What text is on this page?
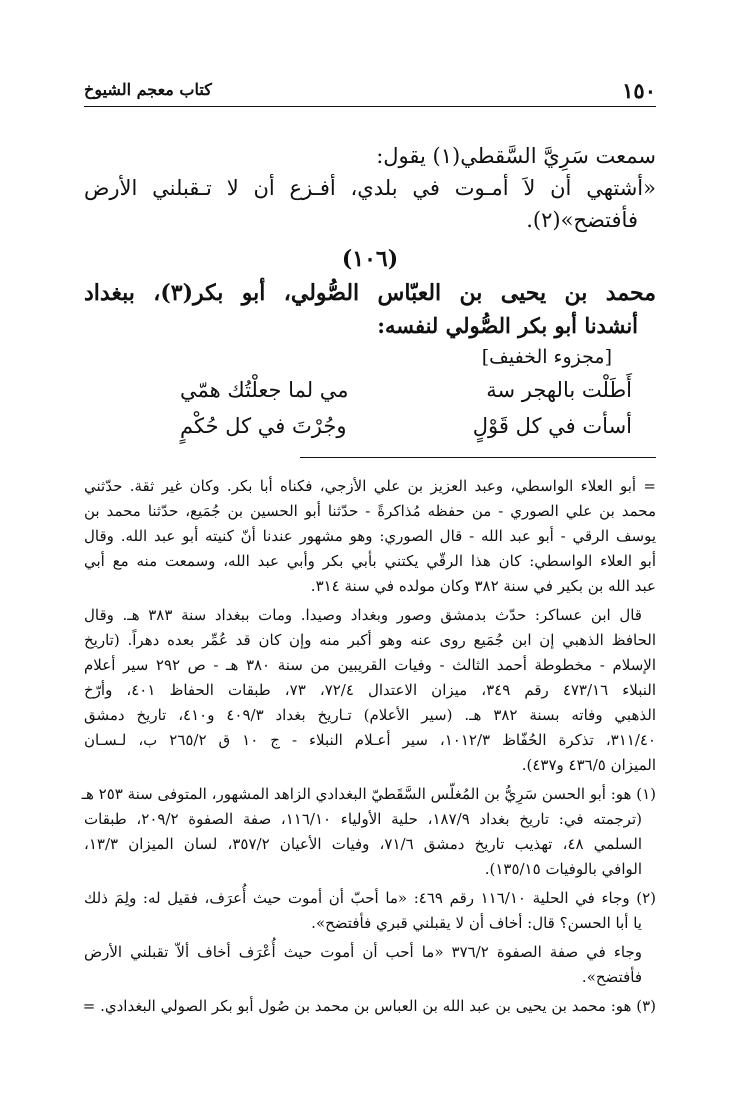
١٥٠
كتاب معجم الشيوخ
سمعت سَرِيَّ السَّقطي(١) يقول:
«أشتهي أن لاَ أمـوت في بلدي، أفـزع أن لا تـقبلني الأرض
فأفتضح»(٢).
(١٠٦)
محمد بن يحيى بن العبّاس الصُّولي، أبو بكر(٣)، ببغداد
أنشدنا أبو بكر الصُّولي لنفسه:
[مجزوء الخفيف]
أَطَلْت بالهجر سة
مي لما جعلْتُك همّي
أسأت في كل قَوْلٍ
وجُرْتَ في كل حُكْمٍ
= أبو العلاء الواسطي، وعبد العزيز بن علي الأزجي، فكناه أبا بكر. وكان غير ثقة. حدّثني
محمد بن علي الصوري - من حفظه مُذاكرةً - حدّثنا أبو الحسين بن جُمَيع، حدّثنا محمد بن
يوسف الرقي - أبو عبد الله - قال الصوري: وهو مشهور عندنا أنّ كنيته أبو عبد الله. وقال
أبو العلاء الواسطي: كان هذا الرقّي يكتني بأبي بكر وأبي عبد الله، وسمعت منه مع أبي
عبد الله بن بكير في سنة ٣٨٢ وكان مولده في سنة ٣١٤.
قال ابن عساكر: حدّث بدمشق وصور وبغداد وصيدا. ومات ببغداد سنة ٣٨٣ هـ. وقال
الحافظ الذهبي إن ابن جُمَيع روى عنه وهو أكبر منه وإن كان قد عُمِّر بعده دهراً. (تاريخ
الإسلام - مخطوطة أحمد الثالث - وفيات القريبين من سنة ٣٨٠ هـ - ص ٢٩٢ سير أعلام
النبلاء ٤٧٣/١٦ رقم ٣٤٩، ميزان الاعتدال ٧٢/٤، ٧٣، طبقات الحفاظ ٤٠١، وأرّخ
الذهبي وفاته بسنة ٣٨٢ هـ. (سير الأعلام) تـاريخ بغداد ٤٠٩/٣ و٤١٠، تاريخ دمشق
٣١١/٤٠، تذكرة الحُفّاظ ١٠١٢/٣، سير أعـلام النبلاء - ج ١٠ ق ٢٦٥/٢ ب، لـسـان
الميزان ٤٣٦/٥ و٤٣٧).
(١) هو: أبو الحسن سَرِيُّ بن المُغلّس السَّقَطيّ البغدادي الزاهد المشهور، المتوفى سنة ٢٥٣ هـ
(ترجمته في: تاريخ بغداد ١٨٧/٩، حلية الأولياء ١١٦/١٠، صفة الصفوة ٢٠٩/٢، طبقات
السلمي ٤٨، تهذيب تاريخ دمشق ٧١/٦، وفيات الأعيان ٣٥٧/٢، لسان الميزان ١٣/٣،
الوافي بالوفيات ١٣٥/١٥).
(٢) وجاء في الحلية ١١٦/١٠ رقم ٤٦٩: «ما أحبّ أن أموت حيث أُعرَف، فقيل له: ولِمَ ذلك
يا أبا الحسن؟ قال: أخاف أن لا يقبلني قبري فأفتضح».
وجاء في صفة الصفوة ٣٧٦/٢ «ما أحب أن أموت حيث أُعْرَف أخاف ألاّ تقبلني الأرض
فأفتضح».
(٣) هو: محمد بن يحيى بن عبد الله بن العباس بن محمد بن صُول أبو بكر الصولي البغدادي. =
